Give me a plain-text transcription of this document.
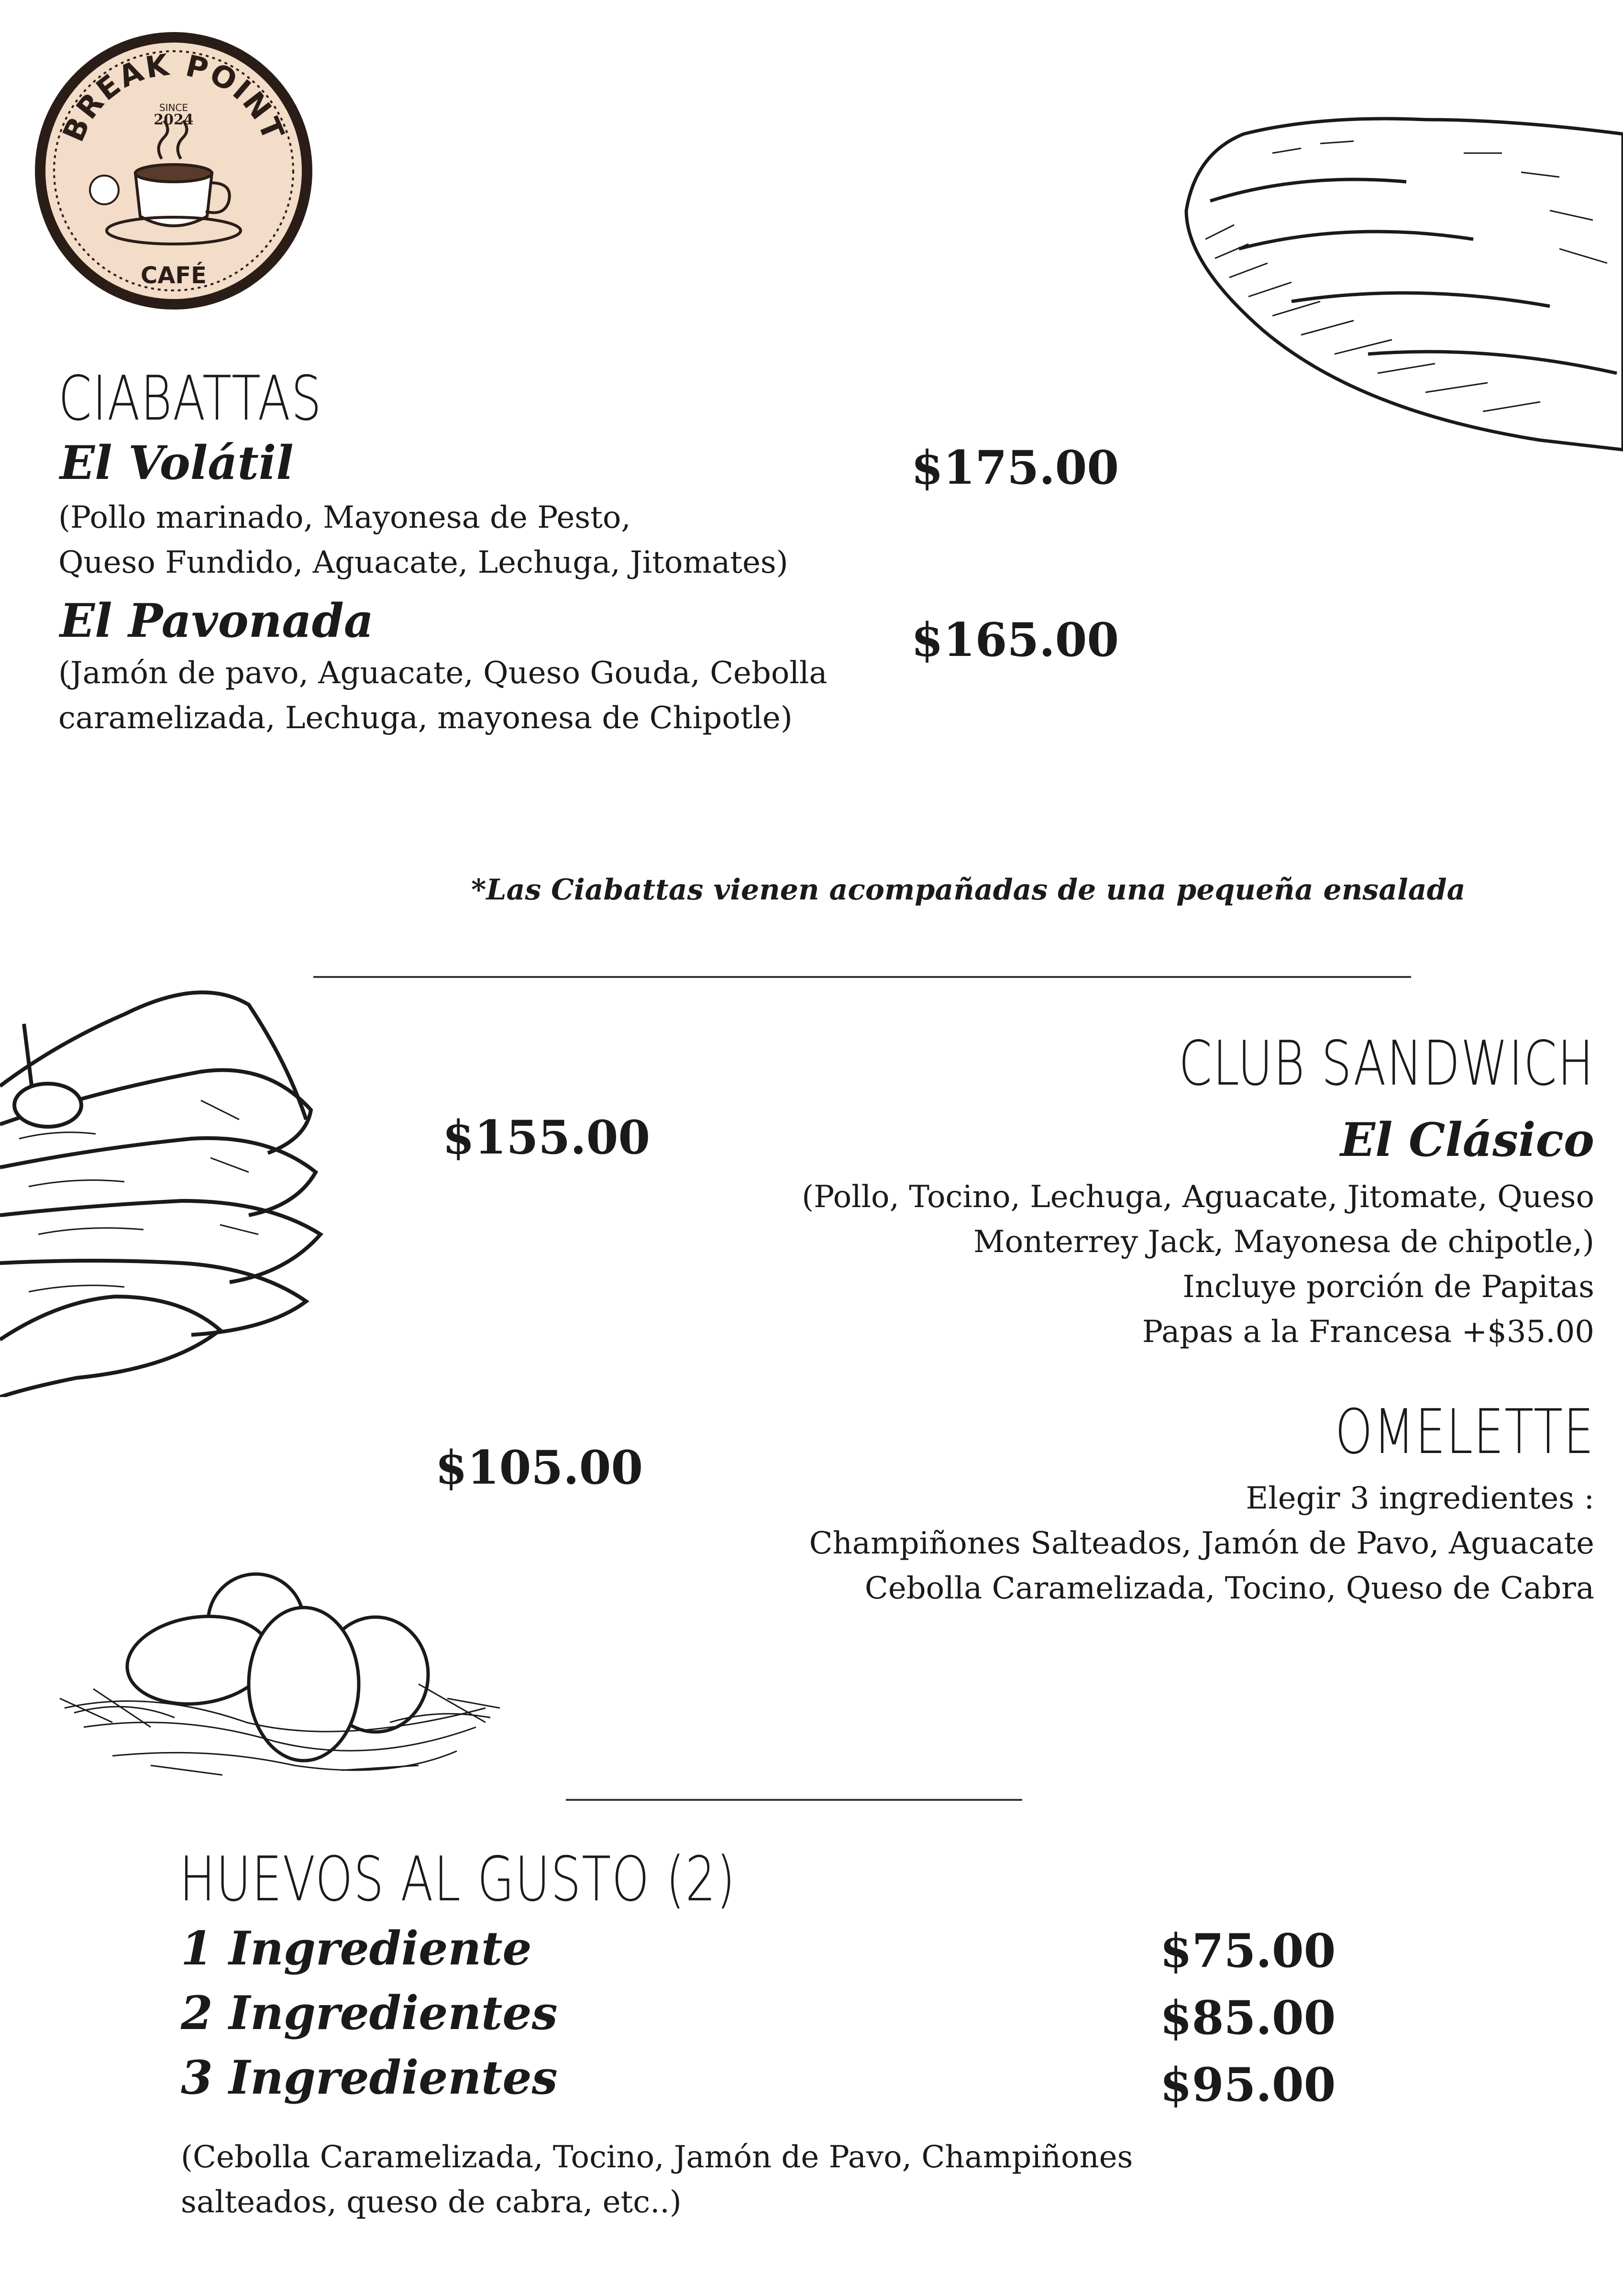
BREAK POINT
SINCE
2024
CAFÉ
CIABATTAS
El Volátil	$175.00
(Pollo marinado, Mayonesa de Pesto,
Queso Fundido, Aguacate, Lechuga, Jitomates)
El Pavonada	$165.00
(Jamón de pavo, Aguacate, Queso Gouda, Cebolla
caramelizada, Lechuga, mayonesa de Chipotle)
*Las Ciabattas vienen acompañadas de una pequeña ensalada
CLUB SANDWICH
El Clásico
$155.00
(Pollo, Tocino, Lechuga, Aguacate, Jitomate, Queso
Monterrey Jack, Mayonesa de chipotle,)
Incluye porción de Papitas
Papas a la Francesa +$35.00
OMELETTE
$105.00
Elegir 3 ingredientes :
Champiñones Salteados, Jamón de Pavo, Aguacate
Cebolla Caramelizada, Tocino, Queso de Cabra
HUEVOS AL GUSTO (2)
1 Ingrediente	$75.00
2 Ingredientes	$85.00
3 Ingredientes	$95.00
(Cebolla Caramelizada, Tocino, Jamón de Pavo, Champiñones
salteados, queso de cabra, etc..)
